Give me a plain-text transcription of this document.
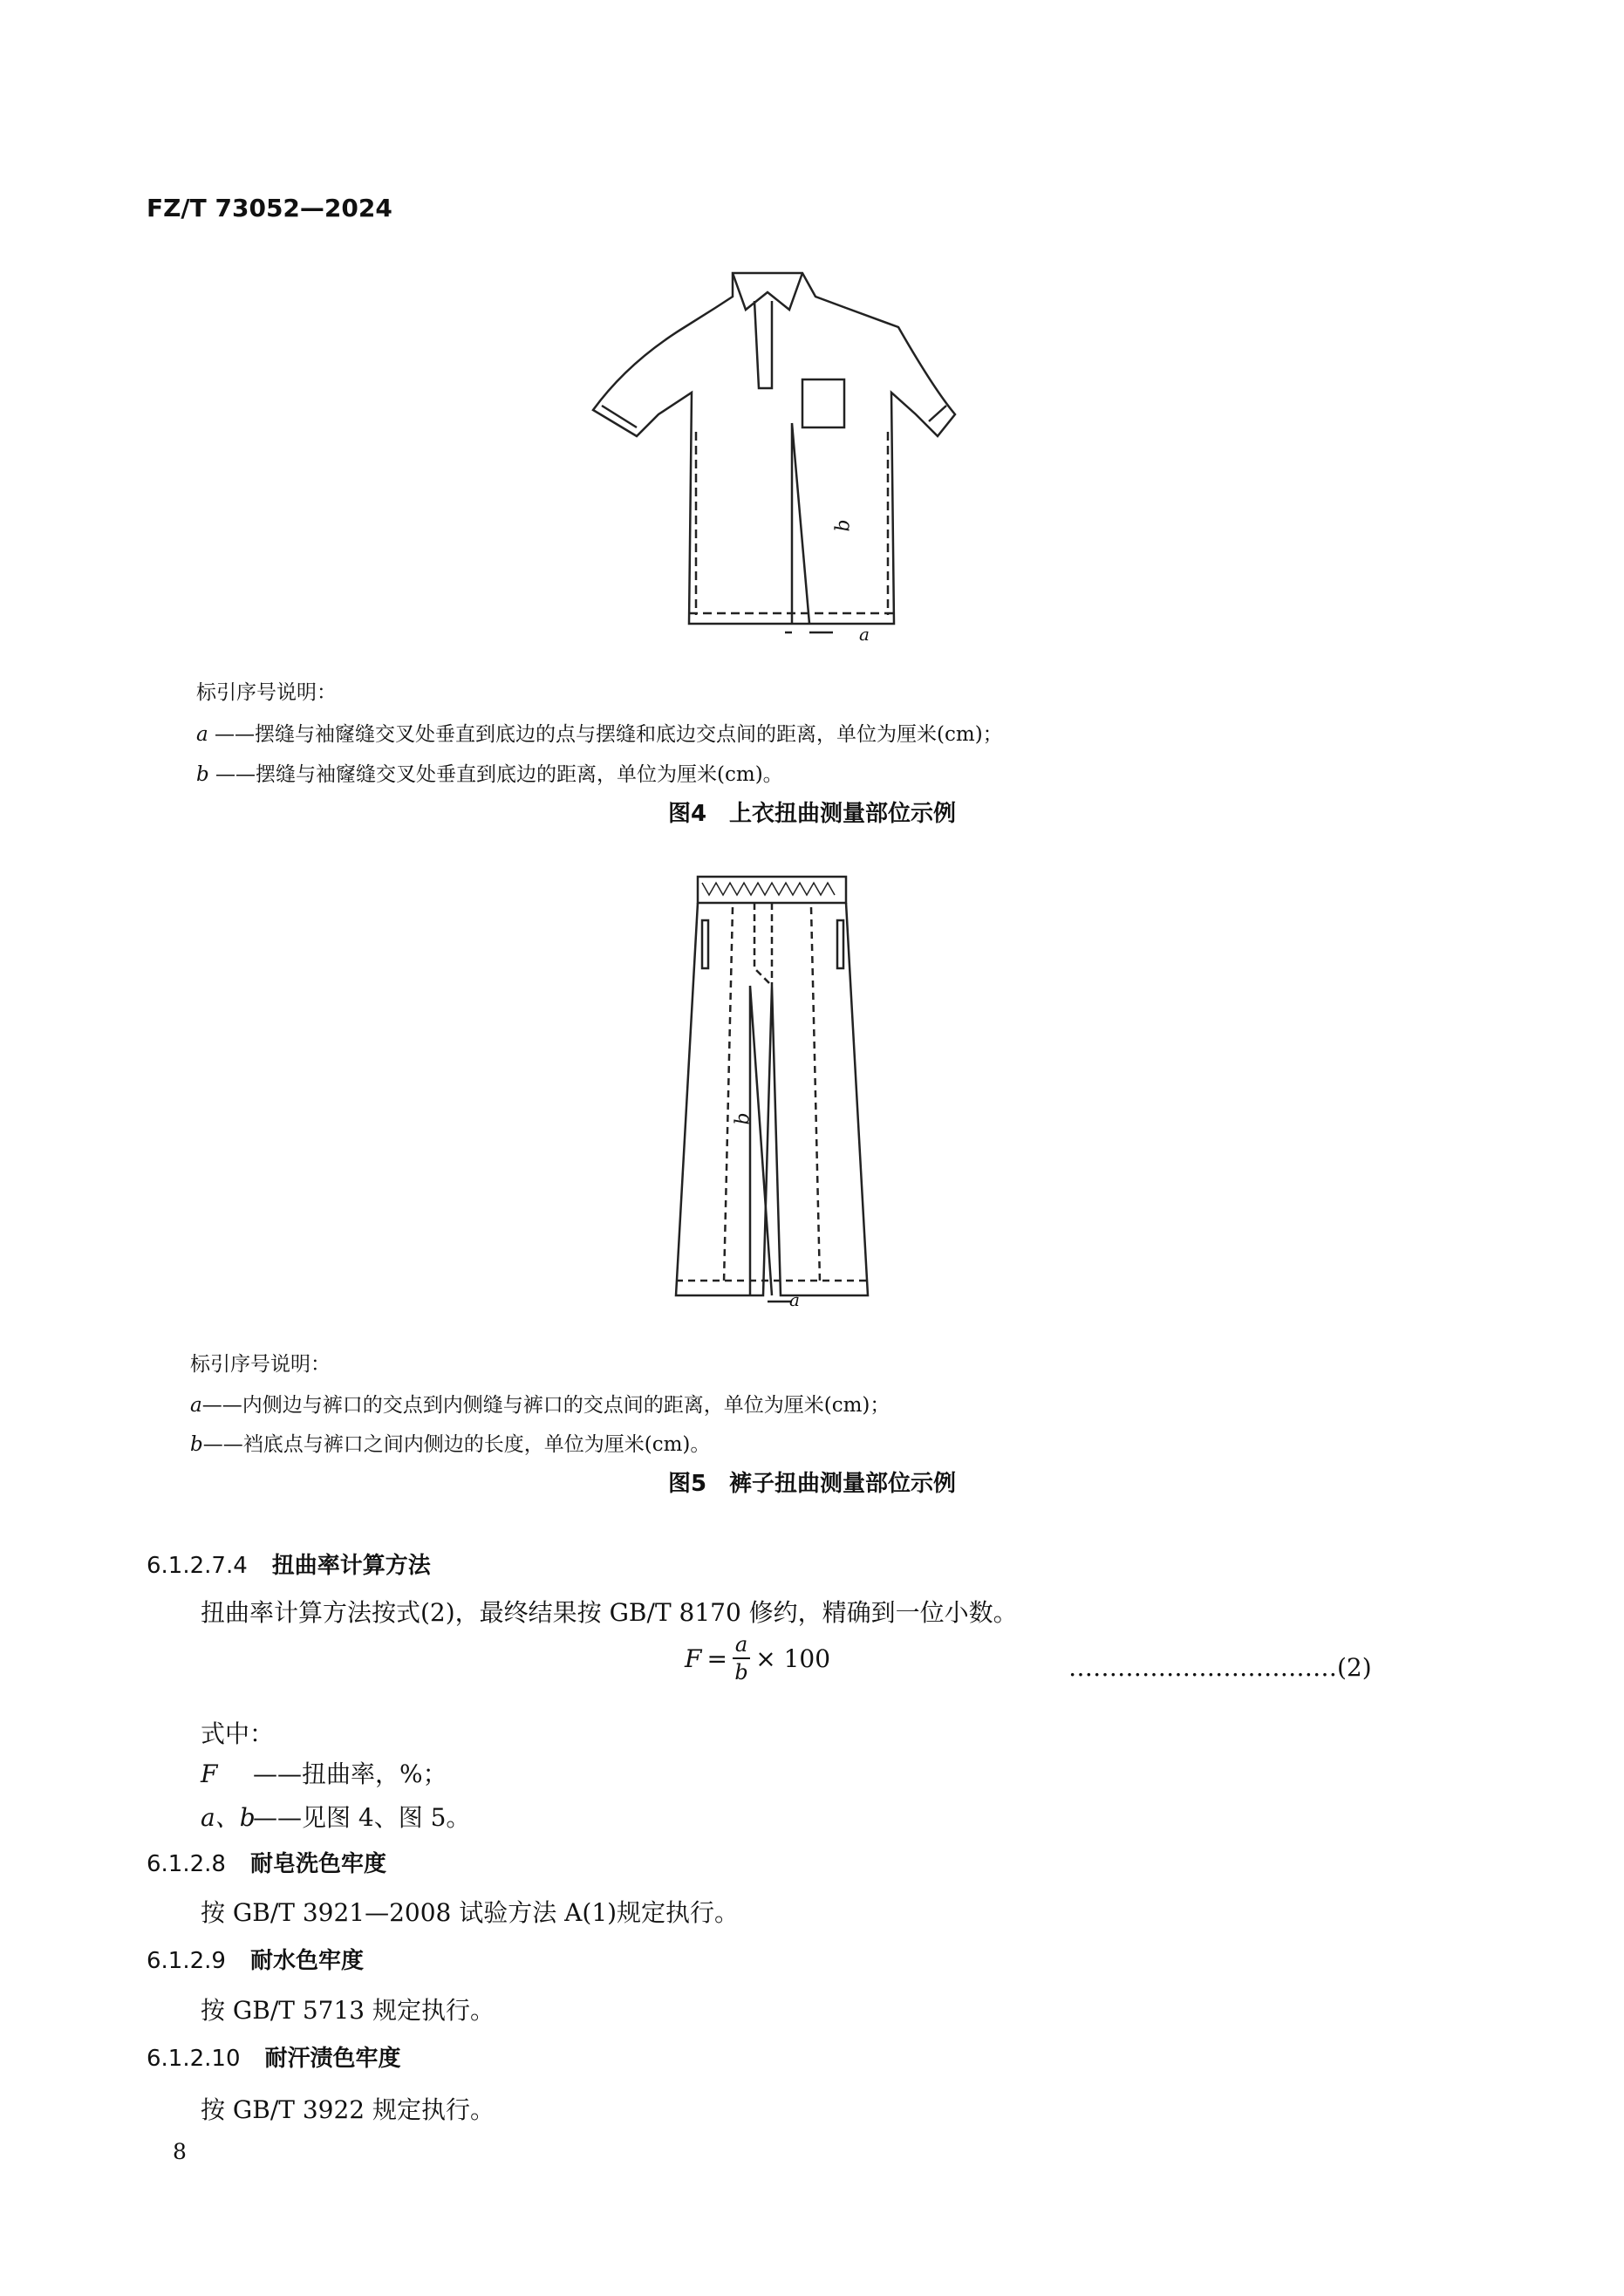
FZ/T 73052—2024
b
a
标引序号说明：
a ——摆缝与袖窿缝交叉处垂直到底边的点与摆缝和底边交点间的距离，单位为厘米(cm)；
b ——摆缝与袖窿缝交叉处垂直到底边的距离，单位为厘米(cm)。
图4　上衣扭曲测量部位示例
b
a
标引序号说明：
a——内侧边与裤口的交点到内侧缝与裤口的交点间的距离，单位为厘米(cm)；
b——裆底点与裤口之间内侧边的长度，单位为厘米(cm)。
图5　裤子扭曲测量部位示例
6.1.2.7.4 扭曲率计算方法
扭曲率计算方法按式(2)，最终结果按 GB/T 8170 修约，精确到一位小数。
$F = \frac{a}{b} \times 100$	……………………………(2)
式中：
F ——扭曲率，%；
a、b——见图 4、图 5。
6.1.2.8 耐皂洗色牢度
按 GB/T 3921—2008 试验方法 A(1)规定执行。
6.1.2.9 耐水色牢度
按 GB/T 5713 规定执行。
6.1.2.10 耐汗渍色牢度
按 GB/T 3922 规定执行。
8
